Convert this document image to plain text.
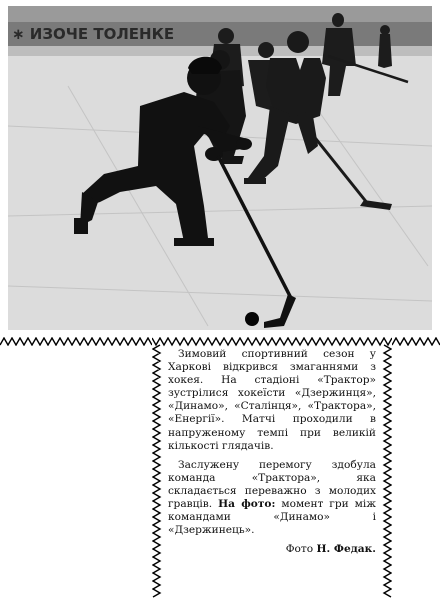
∗ ИЗОЧЕ ТОЛЕНКЕ

Зимовий спортивний сезон у Харкові відкрився змаганнями з хокея. На стадіоні «Трактор» зустрілися хокеїсти «Дзержинця», «Динамо», «Сталінця», «Трактора», «Енергії». Матчі проходили в напруженому темпі при великій кількості глядачів.

Заслужену перемогу здобула команда «Трактора», яка складається переважно з молодих гравців. На фото: момент гри між командами «Динамо» і «Дзержинець».

Фото Н. Федак.
